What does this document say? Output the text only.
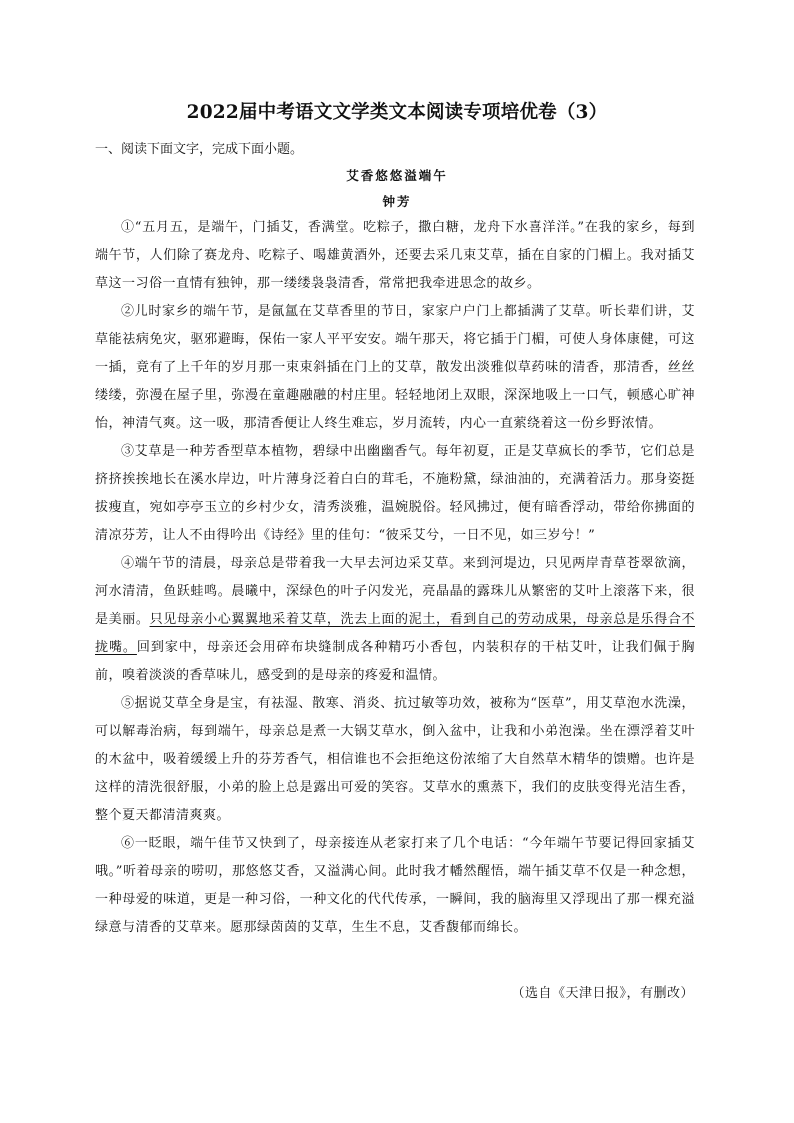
2022届中考语文文学类文本阅读专项培优卷（3）
一、阅读下面文字，完成下面小题。
艾香悠悠溢端午
钟芳

①“五月五，是端午，门插艾，香满堂。吃粽子，撒白糖，龙舟下水喜洋洋。”在我的家乡，每到端午节，人们除了赛龙舟、吃粽子、喝雄黄酒外，还要去采几束艾草，插在自家的门楣上。我对插艾草这一习俗一直情有独钟，那一缕缕袅袅清香，常常把我牵进思念的故乡。

②儿时家乡的端午节，是氤氲在艾草香里的节日，家家户户门上都插满了艾草。听长辈们讲，艾草能祛病免灾，驱邪避晦，保佑一家人平平安安。端午那天，将它插于门楣，可使人身体康健，可这一插，竟有了上千年的岁月那一束束斜插在门上的艾草，散发出淡雅似草药味的清香，那清香，丝丝缕缕，弥漫在屋子里，弥漫在童趣融融的村庄里。轻轻地闭上双眼，深深地吸上一口气，顿感心旷神怡，神清气爽。这一吸，那清香便让人终生难忘，岁月流转，内心一直萦绕着这一份乡野浓情。

③艾草是一种芳香型草本植物，碧绿中出幽幽香气。每年初夏，正是艾草疯长的季节，它们总是挤挤挨挨地长在溪水岸边，叶片薄身泛着白白的茸毛，不施粉黛，绿油油的，充满着活力。那身姿挺拔瘦直，宛如亭亭玉立的乡村少女，清秀淡雅，温婉脱俗。轻风拂过，便有暗香浮动，带给你拂面的清凉芬芳，让人不由得吟出《诗经》里的佳句：“彼采艾兮，一日不见，如三岁兮！”

④端午节的清晨，母亲总是带着我一大早去河边采艾草。来到河堤边，只见两岸青草苍翠欲滴，河水清清，鱼跃蛙鸣。晨曦中，深绿色的叶子闪发光，亮晶晶的露珠儿从繁密的艾叶上滚落下来，很是美丽。只见母亲小心翼翼地采着艾草，洗去上面的泥土，看到自己的劳动成果，母亲总是乐得合不拢嘴。回到家中，母亲还会用碎布块缝制成各种精巧小香包，内装积存的干枯艾叶，让我们佩于胸前，嗅着淡淡的香草味儿，感受到的是母亲的疼爱和温情。

⑤据说艾草全身是宝，有祛湿、散寒、消炎、抗过敏等功效，被称为“医草”，用艾草泡水洗澡，可以解毒治病，每到端午，母亲总是煮一大锅艾草水，倒入盆中，让我和小弟泡澡。坐在漂浮着艾叶的木盆中，吸着缓缓上升的芬芳香气，相信谁也不会拒绝这份浓缩了大自然草木精华的馈赠。也许是这样的清洗很舒服，小弟的脸上总是露出可爱的笑容。艾草水的熏蒸下，我们的皮肤变得光洁生香，整个夏天都清清爽爽。

⑥一眨眼，端午佳节又快到了，母亲接连从老家打来了几个电话：“今年端午节要记得回家插艾哦。”听着母亲的唠叨，那悠悠艾香，又溢满心间。此时我才幡然醒悟，端午插艾草不仅是一种念想，一种母爱的味道，更是一种习俗，一种文化的代代传承，一瞬间，我的脑海里又浮现出了那一棵充溢绿意与清香的艾草来。愿那绿茵茵的艾草，生生不息，艾香馥郁而绵长。

（选自《天津日报》，有删改）
